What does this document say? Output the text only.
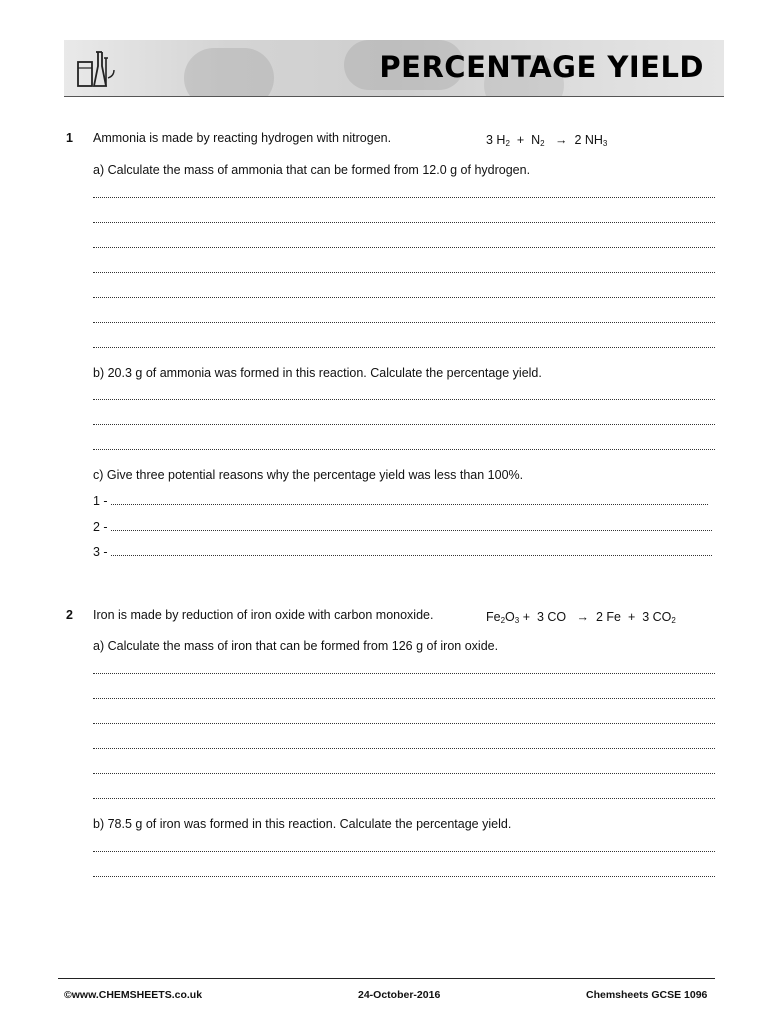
PERCENTAGE YIELD
1 Ammonia is made by reacting hydrogen with nitrogen.	3 $H_2 + N_2 \to 2$ $NH_3$
a) Calculate the mass of ammonia that can be formed from 12.0 g of hydrogen.
b) 20.3 g of ammonia was formed in this reaction. Calculate the percentage yield.
c) Give three potential reasons why the percentage yield was less than 100%.
1 -
2 -
3 -
2 Iron is made by reduction of iron oxide with carbon monoxide.	$Fe_2O_3 + 3$ CO   →  2 Fe  +  3 $CO_2$
a) Calculate the mass of iron that can be formed from 126 g of iron oxide.
b) 78.5 g of iron was formed in this reaction. Calculate the percentage yield.
©www.CHEMSHEETS.co.uk	24-October-2016	Chemsheets GCSE 1096
